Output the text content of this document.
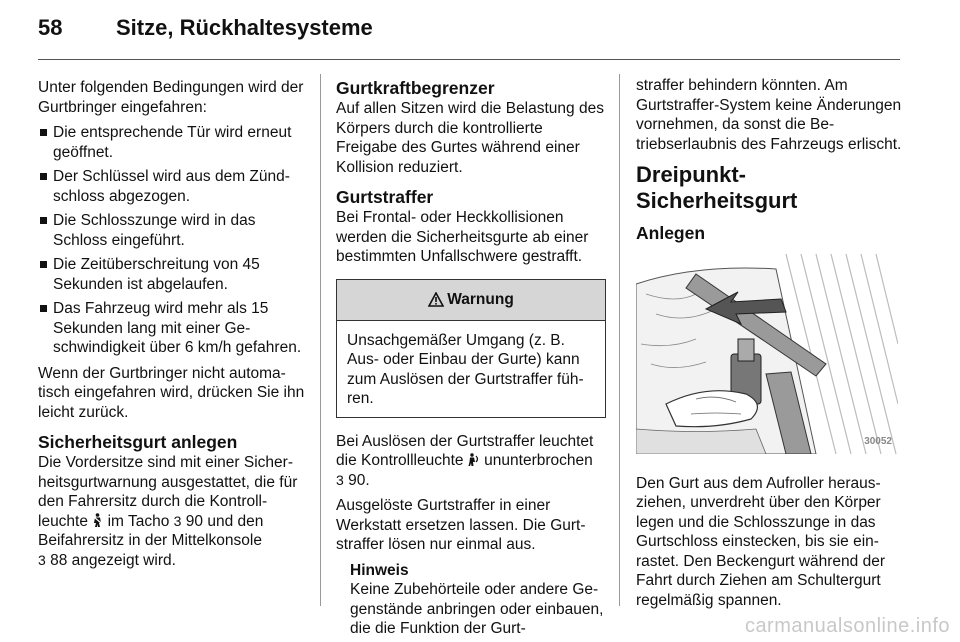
58	Sitze, Rückhaltesysteme

Unter folgenden Bedingungen wird der Gurtbringer eingefahren:

Die entsprechende Tür wird erneut geöffnet.
Der Schlüssel wird aus dem Zündschloss abgezogen.
Die Schlosszunge wird in das Schloss eingeführt.
Die Zeitüberschreitung von 45 Sekunden ist abgelaufen.
Das Fahrzeug wird mehr als 15 Sekunden lang mit einer Geschwindigkeit über 6 km/h gefahren.

Wenn der Gurtbringer nicht automatisch eingefahren wird, drücken Sie ihn leicht zurück.

Sicherheitsgurt anlegen

Die Vordersitze sind mit einer Sicherheitsgurtwarnung ausgestattet, die für den Fahrersitz durch die Kontrollleuchte im Tacho 3 90 und den Beifahrersitz in der Mittelkonsole
3 88 angezeigt wird.

Gurtkraftbegrenzer

Auf allen Sitzen wird die Belastung des Körpers durch die kontrollierte Freigabe des Gurtes während einer Kollision reduziert.

Gurtstraffer

Bei Frontal- oder Heckkollisionen werden die Sicherheitsgurte ab einer bestimmten Unfallschwere gestrafft.

Warnung
Unsachgemäßer Umgang (z. B. Aus- oder Einbau der Gurte) kann zum Auslösen der Gurtstraffer führen.

Bei Auslösen der Gurtstraffer leuchtet die Kontrollleuchte ununterbrochen
3 90.

Ausgelöste Gurtstraffer in einer Werkstatt ersetzen lassen. Die Gurtstraffer lösen nur einmal aus.

Hinweis
Keine Zubehörteile oder andere Gegenstände anbringen oder einbauen, die die Funktion der Gurt-

straffer behindern könnten. Am Gurtstraffer-System keine Änderungen vornehmen, da sonst die Betriebserlaubnis des Fahrzeugs erlischt.

Dreipunkt-Sicherheitsgurt
Anlegen
30052

Den Gurt aus dem Aufroller herausziehen, unverdreht über den Körper legen und die Schlosszunge in das Gurtschloss einstecken, bis sie einrastet. Den Beckengurt während der Fahrt durch Ziehen am Schultergurt regelmäßig spannen.

carmanualsonline.info
